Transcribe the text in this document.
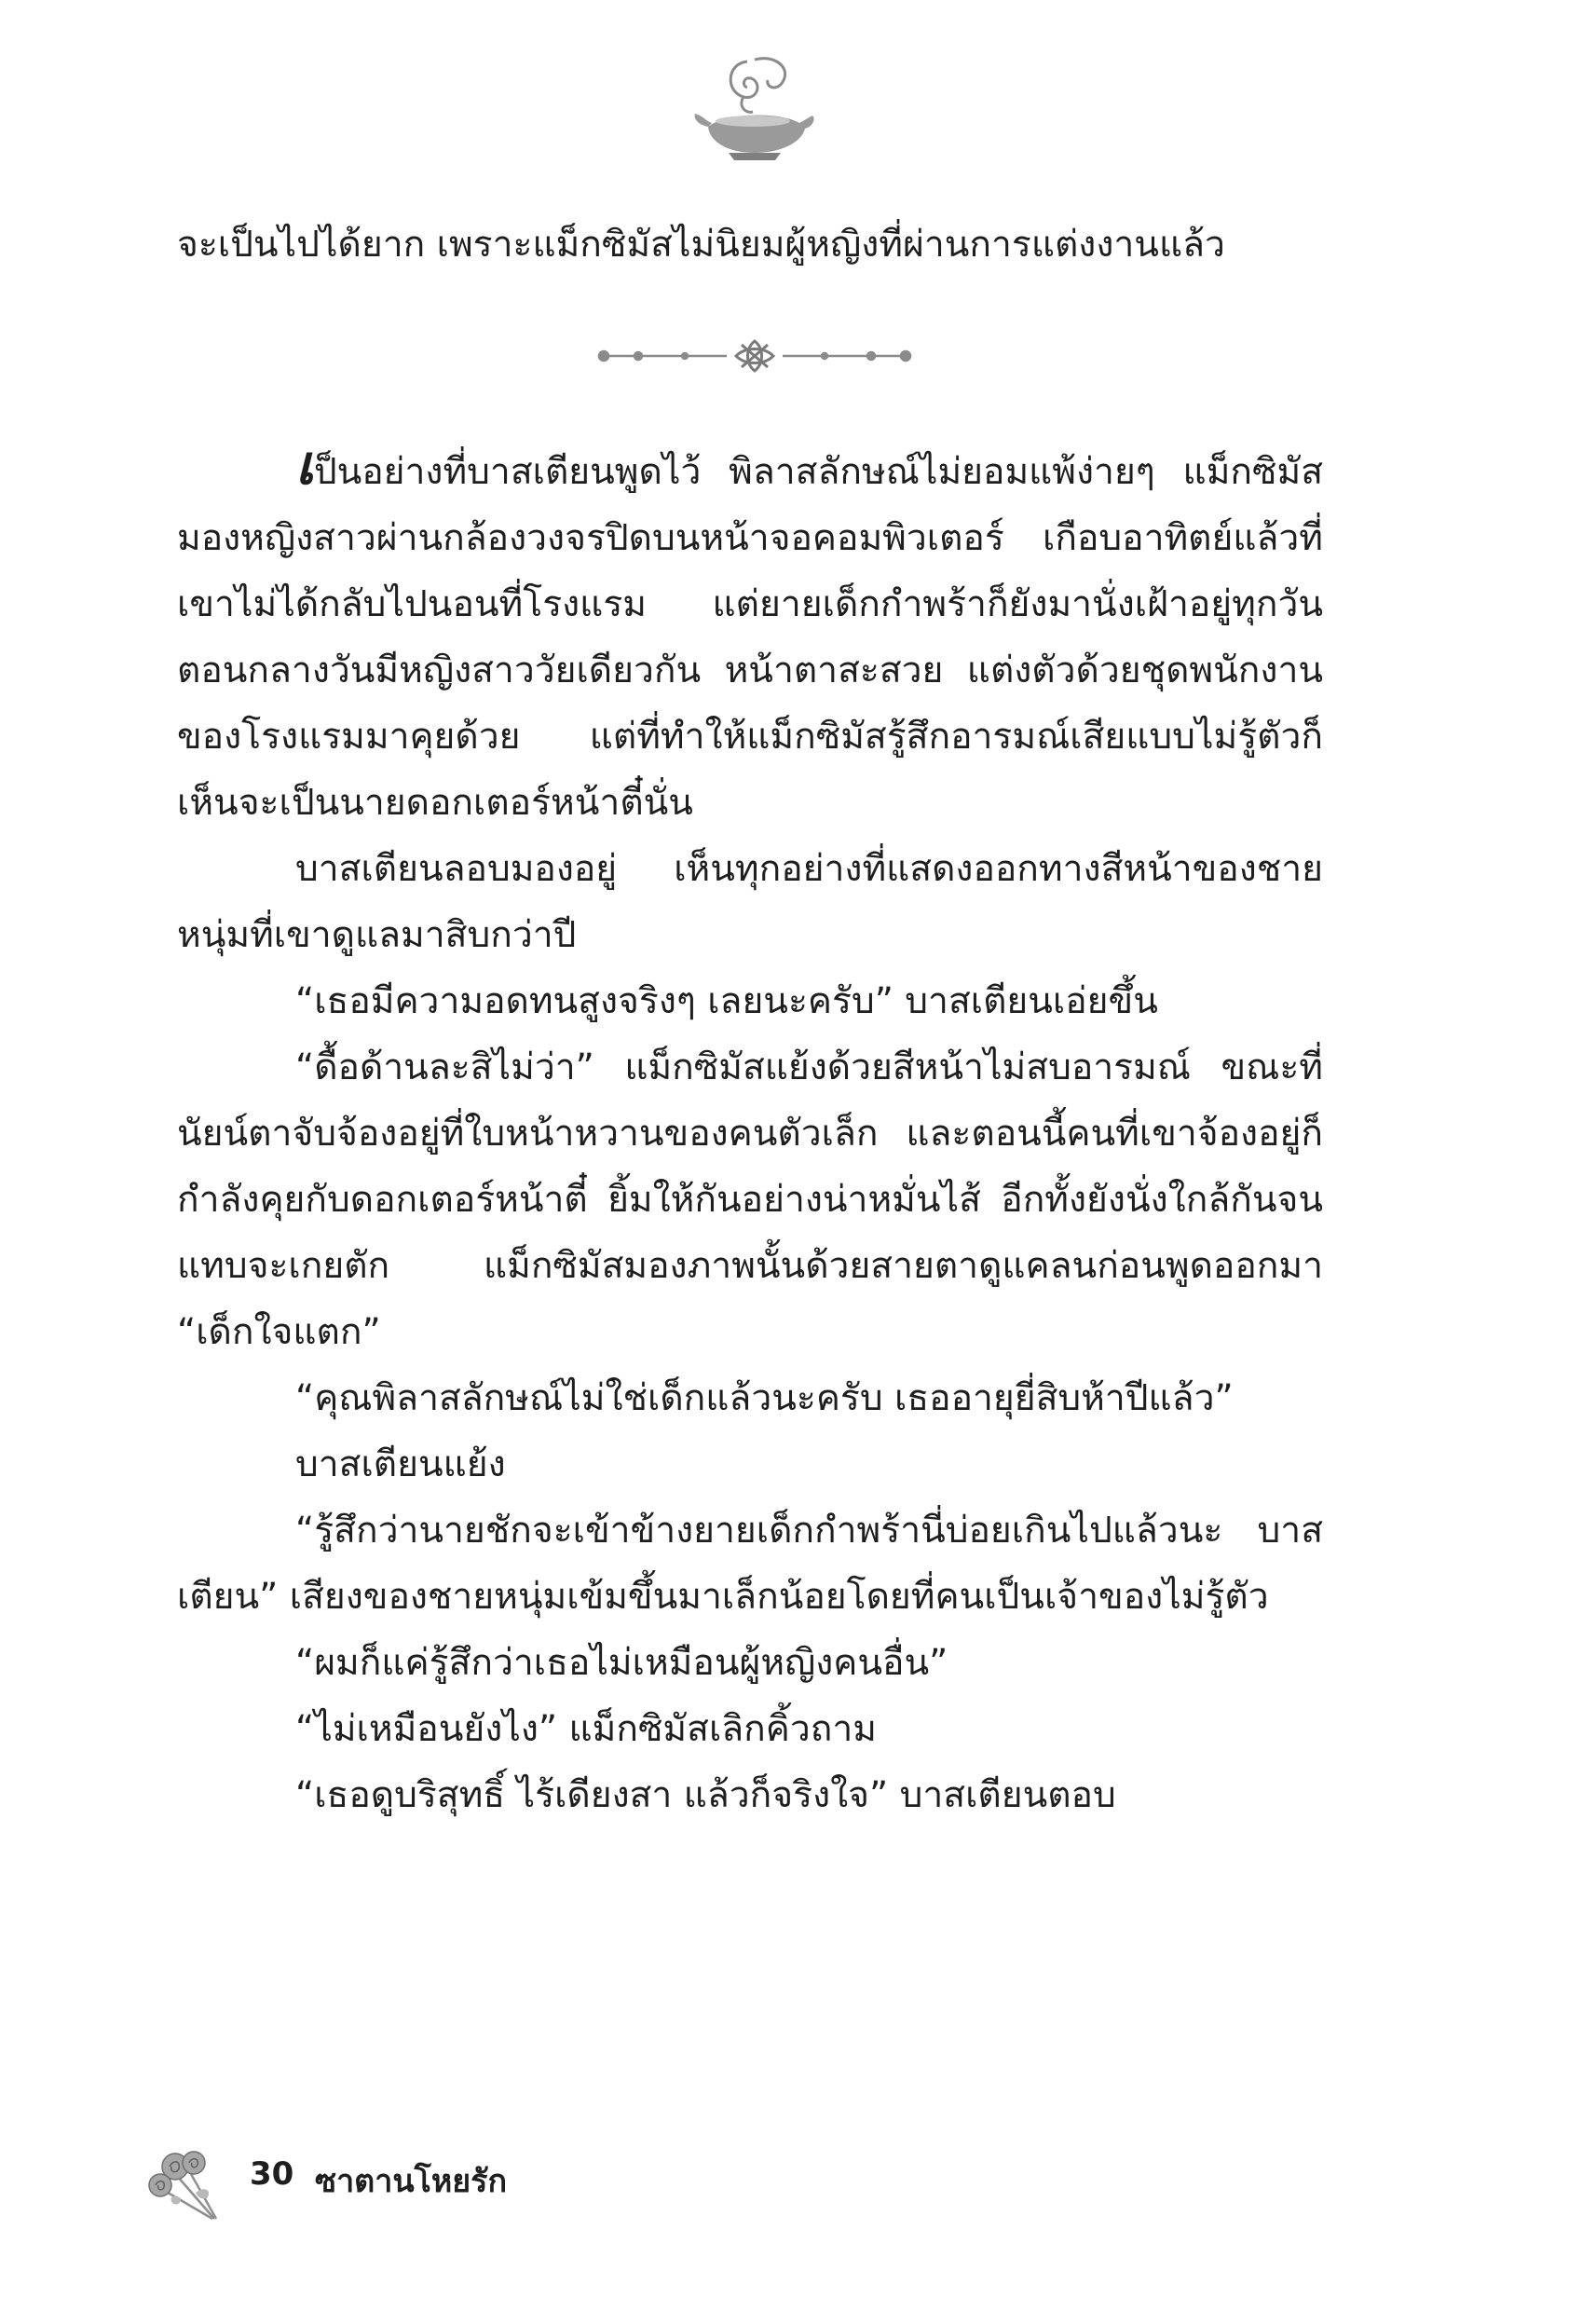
จะเป็นไปได้ยาก เพราะแม็กซิมัสไม่นิยมผู้หญิงที่ผ่านการแต่งงานแล้ว

เป็นอย่างที่บาสเตียนพูดไว้ พิลาสลักษณ์ไม่ยอมแพ้ง่ายๆ แม็กซิมัสมองหญิงสาวผ่านกล้องวงจรปิดบนหน้าจอคอมพิวเตอร์ เกือบอาทิตย์แล้วที่เขาไม่ได้กลับไปนอนที่โรงแรม แต่ยายเด็กกำพร้าก็ยังมานั่งเฝ้าอยู่ทุกวัน ตอนกลางวันมีหญิงสาววัยเดียวกัน หน้าตาสะสวย แต่งตัวด้วยชุดพนักงานของโรงแรมมาคุยด้วย แต่ที่ทำให้แม็กซิมัสรู้สึกอารมณ์เสียแบบไม่รู้ตัวก็เห็นจะเป็นนายดอกเตอร์หน้าตี๋นั่น

บาสเตียนลอบมองอยู่ เห็นทุกอย่างที่แสดงออกทางสีหน้าของชายหนุ่มที่เขาดูแลมาสิบกว่าปี

“เธอมีความอดทนสูงจริงๆ เลยนะครับ” บาสเตียนเอ่ยขึ้น

“ดื้อด้านละสิไม่ว่า” แม็กซิมัสแย้งด้วยสีหน้าไม่สบอารมณ์ ขณะที่นัยน์ตาจับจ้องอยู่ที่ใบหน้าหวานของคนตัวเล็ก และตอนนี้คนที่เขาจ้องอยู่ก็กำลังคุยกับดอกเตอร์หน้าตี๋ ยิ้มให้กันอย่างน่าหมั่นไส้ อีกทั้งยังนั่งใกล้กันจนแทบจะเกยตัก แม็กซิมัสมองภาพนั้นด้วยสายตาดูแคลนก่อนพูดออกมา “เด็กใจแตก”

“คุณพิลาสลักษณ์ไม่ใช่เด็กแล้วนะครับ เธออายุยี่สิบห้าปีแล้ว”

บาสเตียนแย้ง

“รู้สึกว่านายชักจะเข้าข้างยายเด็กกำพร้านี่บ่อยเกินไปแล้วนะ บาสเตียน” เสียงของชายหนุ่มเข้มขึ้นมาเล็กน้อยโดยที่คนเป็นเจ้าของไม่รู้ตัว

“ผมก็แค่รู้สึกว่าเธอไม่เหมือนผู้หญิงคนอื่น”

“ไม่เหมือนยังไง” แม็กซิมัสเลิกคิ้วถาม

“เธอดูบริสุทธิ์ ไร้เดียงสา แล้วก็จริงใจ” บาสเตียนตอบ

30 ซาตานโหยรัก
